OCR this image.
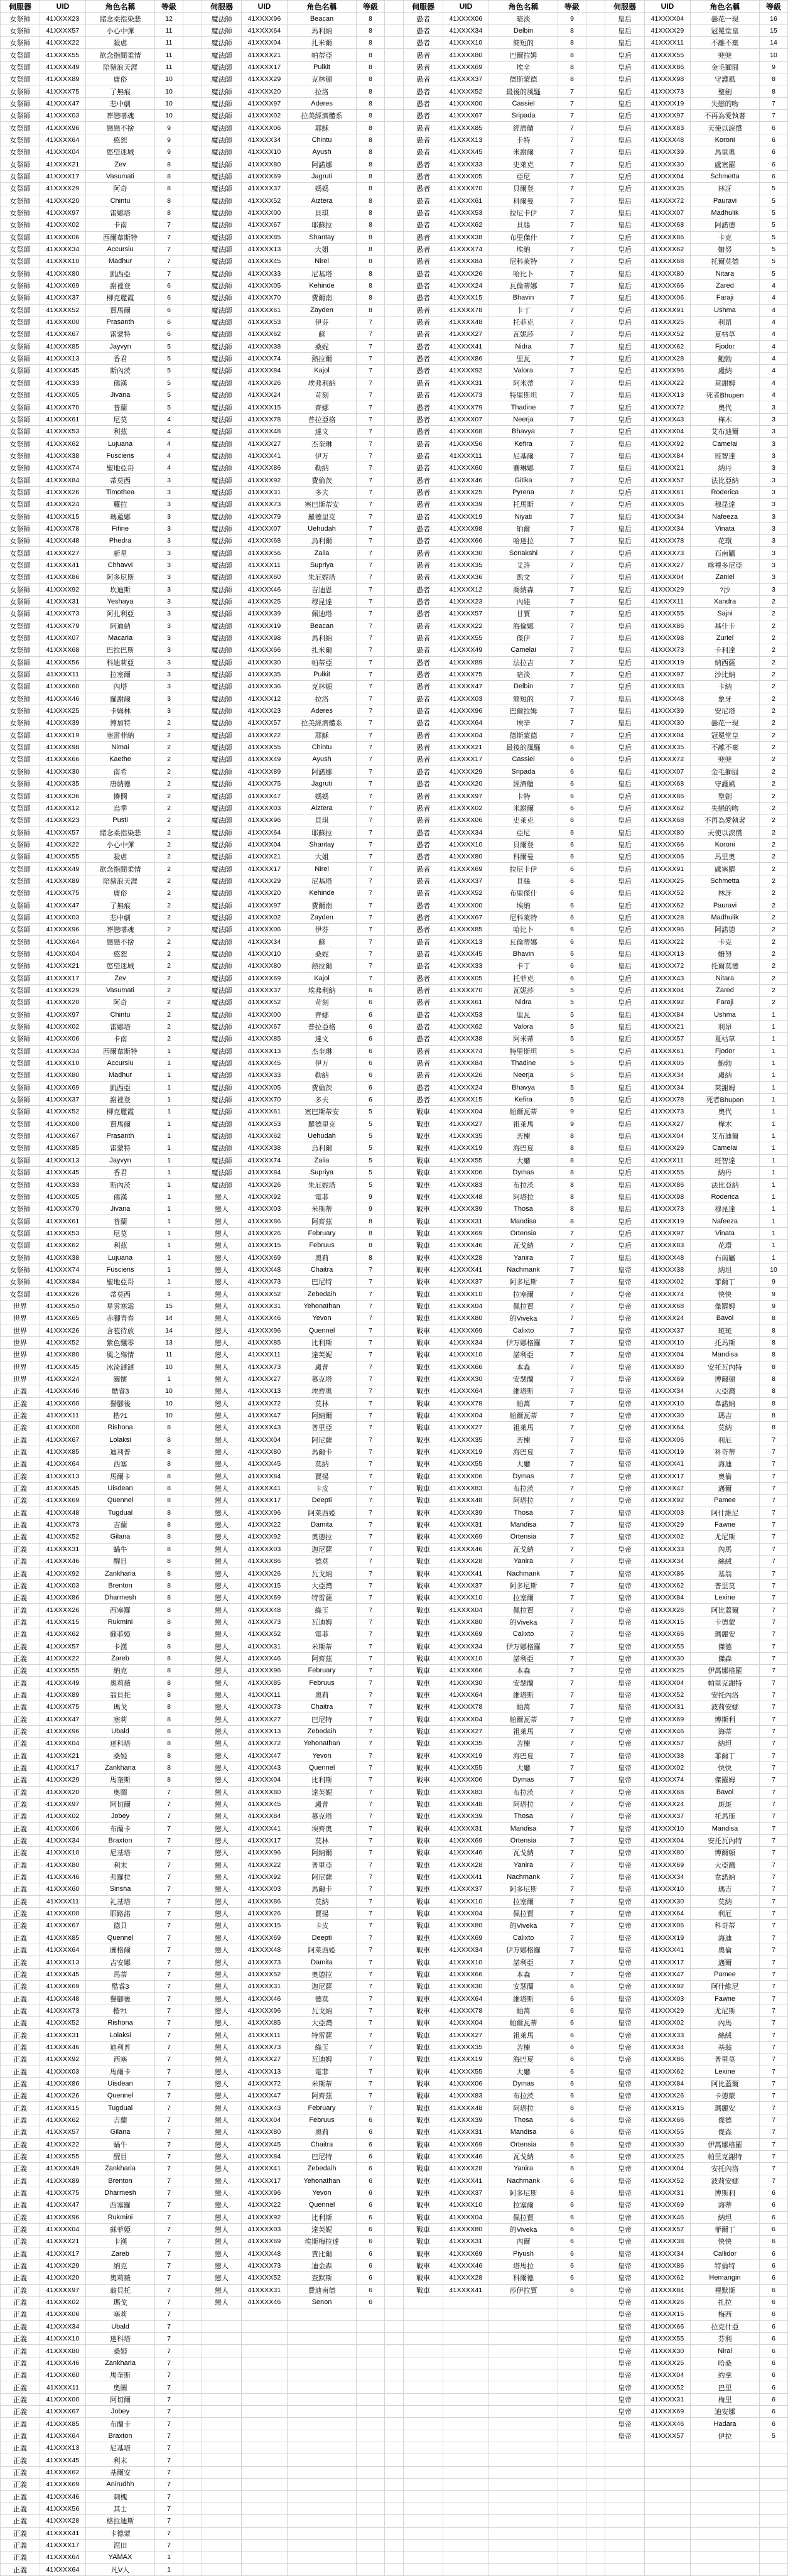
伺服器	UID	角色名稱	等級	伺服器	UID	角色名稱	等級	伺服器	UID	角色名稱	等級	伺服器	UID	角色名稱	等級
女祭師	41XXXX23	緒念柔指染悲	12	魔法師	41XXXX96	Beacan	8	愚者	41XXXX06	暗淡	9	皇后	41XXXX04	曇花一現	16
女祭師	41XXXX57	小心中彈	11	魔法師	41XXXX64	馬利納	8	愚者	41XXXX34	Delbin	8	皇后	41XXXX29	冠冕堂皇	15
女祭師	41XXXX22	殺虐	11	魔法師	41XXXX04	扎米爾	8	愚者	41XXXX10	簡短的	8	皇后	41XXXX11	不離不棄	14
女祭師	41XXXX55	欲念指間柔情	11	魔法師	41XXXX21	帕蒂亞	8	愚者	41XXXX80	巴爾拉姆	8	皇后	41XXXX55	兜兜	10
女祭師	41XXXX49	陪豬浪天涯	11	魔法師	41XXXX17	Pulkit	8	愚者	41XXXX69	埃辛	8	皇后	41XXXX86	金毛獅囧	9
女祭師	41XXXX89	庸俗	10	魔法師	41XXXX29	克林頓	8	愚者	41XXXX37	德斯蒙德	8	皇后	41XXXX98	守護風	8
女祭師	41XXXX75	了無痕	10	魔法師	41XXXX20	拉洛	8	愚者	41XXXX52	最後的風騷	7	皇后	41XXXX73	聖劍	8
女祭師	41XXXX47	悲中劇	10	魔法師	41XXXX97	Aderes	8	愚者	41XXXX00	Cassiel	7	皇后	41XXXX19	失戀的吻	7
女祭師	41XXXX03	葬戀嗜魂	10	魔法師	41XXXX02	拉美經濟體系	8	愚者	41XXXX67	Sripada	7	皇后	41XXXX97	不再為愛執著	7
女祭師	41XXXX96	戀戀不捨	9	魔法師	41XXXX06	耶穌	8	愚者	41XXXX85	經濟艙	7	皇后	41XXXX83	天使以淚償	6
女祭師	41XXXX64	憨恕	9	魔法師	41XXXX34	Chintu	8	愚者	41XXXX13	卡特	7	皇后	41XXXX48	Koroni	6
女祭師	41XXXX04	慾望迷城	9	魔法師	41XXXX10	Ayush	8	愚者	41XXXX45	米謝爾	7	皇后	41XXXX39	馬里奧	6
女祭師	41XXXX21	Zev	8	魔法師	41XXXX80	阿諾娜	8	愚者	41XXXX33	史萊克	7	皇后	41XXXX30	盧塞羅	6
女祭師	41XXXX17	Vasumati	8	魔法師	41XXXX69	Jagruti	8	愚者	41XXXX05	亞尼	7	皇后	41XXXX04	Schmetta	6
女祭師	41XXXX29	阿奇	8	魔法師	41XXXX37	媽媽	8	愚者	41XXXX70	貝爾登	7	皇后	41XXXX35	林冴	5
女祭師	41XXXX20	Chintu	8	魔法師	41XXXX52	Aiztera	8	愚者	41XXXX61	科爾曼	7	皇后	41XXXX72	Pauravi	5
女祭師	41XXXX97	雷娜塔	8	魔法師	41XXXX00	貝琪	8	愚者	41XXXX53	拉尼卡伊	7	皇后	41XXXX07	Madhulik	5
女祭師	41XXXX02	卡南	7	魔法師	41XXXX67	耶蘇拉	8	愚者	41XXXX62	貝絲	7	皇后	41XXXX68	阿諾德	5
女祭師	41XXXX06	西爾韋斯特	7	魔法師	41XXXX85	Shantay	8	愚者	41XXXX38	布里傑什	7	皇后	41XXXX86	卡克	5
女祭師	41XXXX34	Accursiu	7	魔法師	41XXXX13	大姐	8	愚者	41XXXX74	埃納	7	皇后	41XXXX62	姍努	5
女祭師	41XXXX10	Madhur	7	魔法師	41XXXX45	Nirel	8	愚者	41XXXX84	尼科萊特	7	皇后	41XXXX68	托爾莫德	5
女祭師	41XXXX80	凱西亞	7	魔法師	41XXXX33	尼基塔	8	愚者	41XXXX26	哈比卜	7	皇后	41XXXX80	Nitara	5
女祭師	41XXXX69	謝裡登	6	魔法師	41XXXX05	Kehinde	8	愚者	41XXXX24	瓦倫蒂娜	7	皇后	41XXXX66	Zared	4
女祭師	41XXXX37	柳克麗霞	6	魔法師	41XXXX70	費爾南	8	愚者	41XXXX15	Bhavin	7	皇后	41XXXX06	Faraji	4
女祭師	41XXXX52	賈馬爾	6	魔法師	41XXXX61	Zayden	8	愚者	41XXXX78	卡丁	7	皇后	41XXXX91	Ushma	4
女祭師	41XXXX00	Prasanth	6	魔法師	41XXXX53	伊芬	7	愚者	41XXXX48	托菲克	7	皇后	41XXXX25	利昂	4
女祭師	41XXXX67	雷蒙特	6	魔法師	41XXXX62	蘇	7	愚者	41XXXX27	瓦妮莎	7	皇后	41XXXX52	夏枯草	4
女祭師	41XXXX85	Jayvyn	5	魔法師	41XXXX38	桑妮	7	愚者	41XXXX41	Nidra	7	皇后	41XXXX62	Fjodor	4
女祭師	41XXXX13	香君	5	魔法師	41XXXX74	熱拉爾	7	愚者	41XXXX86	里瓦	7	皇后	41XXXX28	鮑勃	4
女祭師	41XXXX45	斯內茨	5	魔法師	41XXXX84	Kajol	7	愚者	41XXXX92	Valora	7	皇后	41XXXX96	盧納	4
女祭師	41XXXX33	佛漢	5	魔法師	41XXXX26	埃弗利納	7	愚者	41XXXX31	阿米蒂	7	皇后	41XXXX22	萊謝姆	4
女祭師	41XXXX05	Jivana	5	魔法師	41XXXX24	苛刻	7	愚者	41XXXX73	特里斯坦	7	皇后	41XXXX13	死者Bhupen	4
女祭師	41XXXX70	普蘭	5	魔法師	41XXXX15	齊娜	7	愚者	41XXXX79	Thadine	7	皇后	41XXXX72	奧代	3
女祭師	41XXXX61	尼莫	4	魔法師	41XXXX78	普拉亞格	7	愚者	41XXXX07	Neerja	7	皇后	41XXXX43	樺木	3
女祭師	41XXXX53	利茲	4	魔法師	41XXXX48	達文	7	愚者	41XXXX68	Bhavya	7	皇后	41XXXX04	艾布迪爾	3
女祭師	41XXXX62	Lujuana	4	魔法師	41XXXX27	杰奎琳	7	愚者	41XXXX56	Kefira	7	皇后	41XXXX92	Camelai	3
女祭師	41XXXX38	Fusciens	4	魔法師	41XXXX41	伊万	7	愚者	41XXXX11	尼基爾	7	皇后	41XXXX84	班智達	3
女祭師	41XXXX74	聖地亞哥	4	魔法師	41XXXX86	勒納	7	愚者	41XXXX60	賽琳娜	7	皇后	41XXXX21	納丹	3
女祭師	41XXXX84	蒂莫西	3	魔法師	41XXXX92	費倫茨	7	愚者	41XXXX46	Gitika	7	皇后	41XXXX57	法比亞納	3
女祭師	41XXXX26	Timothea	3	魔法師	41XXXX31	多夫	7	愚者	41XXXX25	Pyrena	7	皇后	41XXXX61	Roderica	3
女祭師	41XXXX24	蘿拉	3	魔法師	41XXXX73	塞巴斯蒂安	7	愚者	41XXXX39	托馬斯	7	皇后	41XXXX05	穆昆達	3
女祭師	41XXXX15	瑪蓮娜	3	魔法師	41XXXX79	羅德里克	7	愚者	41XXXX19	Niyati	7	皇后	41XXXX34	Nafeeza	3
女祭師	41XXXX78	Fifine	3	魔法師	41XXXX07	Uehudah	7	愚者	41XXXX98	珀爾	7	皇后	41XXXX34	Vinata	3
女祭師	41XXXX48	Phedra	3	魔法師	41XXXX68	烏利爾	7	愚者	41XXXX66	哈達拉	7	皇后	41XXXX78	花環	3
女祭師	41XXXX27	新星	3	魔法師	41XXXX56	Zalia	7	愚者	41XXXX30	Sonakshi	7	皇后	41XXXX73	石南屬	3
女祭師	41XXXX41	Chhavvi	3	魔法師	41XXXX11	Supriya	7	愚者	41XXXX35	艾許	7	皇后	41XXXX27	喀裡多尼亞	3
女祭師	41XXXX86	阿多尼斯	3	魔法師	41XXXX60	朱厄妮塔	7	愚者	41XXXX36	凱文	7	皇后	41XXXX04	Zaniel	3
女祭師	41XXXX92	坎迪斯	3	魔法師	41XXXX46	吉迪恩	7	愚者	41XXXX12	喬納森	7	皇后	41XXXX29	?沙	3
女祭師	41XXXX31	Yeshaya	3	魔法師	41XXXX25	穆昆達	7	愚者	41XXXX23	內娃	7	皇后	41XXXX11	Xandra	2
女祭師	41XXXX73	阿扎利亞	3	魔法師	41XXXX39	佩迪塔	7	愚者	41XXXX57	甘賈	7	皇后	41XXXX55	Sajni	2
女祭師	41XXXX79	阿迪納	3	魔法師	41XXXX19	Beacan	7	愚者	41XXXX22	海倫娜	7	皇后	41XXXX86	基什卡	2
女祭師	41XXXX07	Macaria	3	魔法師	41XXXX98	馬利納	7	愚者	41XXXX55	傑伊	7	皇后	41XXXX98	Zuriel	2
女祭師	41XXXX68	巴拉巴斯	3	魔法師	41XXXX66	扎米爾	7	愚者	41XXXX49	Camelai	7	皇后	41XXXX73	卡利達	2
女祭師	41XXXX56	科迪莉亞	3	魔法師	41XXXX30	帕蒂亞	7	愚者	41XXXX89	法拉吉	7	皇后	41XXXX19	納西薩	2
女祭師	41XXXX11	拉塞爾	3	魔法師	41XXXX35	Pulkit	7	愚者	41XXXX75	暗淡	7	皇后	41XXXX97	沙比納	2
女祭師	41XXXX60	內塔	3	魔法師	41XXXX36	克林頓	7	愚者	41XXXX47	Delbin	7	皇后	41XXXX83	卡納	2
女祭師	41XXXX46	羅謝爾	3	魔法師	41XXXX12	拉洛	7	愚者	41XXXX03	簡短的	7	皇后	41XXXX48	象牙	2
女祭師	41XXXX25	卡姆林	3	魔法師	41XXXX23	Aderes	7	愚者	41XXXX96	巴爾拉姆	7	皇后	41XXXX39	安尼塔	2
女祭師	41XXXX39	博加特	2	魔法師	41XXXX57	拉美經濟體系	7	愚者	41XXXX64	埃辛	7	皇后	41XXXX30	曇花一現	2
女祭師	41XXXX19	塞雷菲納	2	魔法師	41XXXX22	耶穌	7	愚者	41XXXX04	德斯蒙德	7	皇后	41XXXX04	冠冕堂皇	2
女祭師	41XXXX98	Nimai	2	魔法師	41XXXX55	Chintu	7	愚者	41XXXX21	最後的風騷	6	皇后	41XXXX35	不離不棄	2
女祭師	41XXXX66	Kaethe	2	魔法師	41XXXX49	Ayush	7	愚者	41XXXX17	Cassiel	6	皇后	41XXXX72	兜兜	2
女祭師	41XXXX30	南希	2	魔法師	41XXXX89	阿諾娜	7	愚者	41XXXX29	Sripada	6	皇后	41XXXX07	金毛獅囧	2
女祭師	41XXXX35	唐納德	2	魔法師	41XXXX75	Jagruti	7	愚者	41XXXX20	經濟艙	6	皇后	41XXXX68	守護風	2
女祭師	41XXXX36	憐憫	2	魔法師	41XXXX47	媽媽	7	愚者	41XXXX97	卡特	6	皇后	41XXXX86	聖劍	2
女祭師	41XXXX12	烏季	2	魔法師	41XXXX03	Aiztera	7	愚者	41XXXX02	米謝爾	6	皇后	41XXXX62	失戀的吻	2
女祭師	41XXXX23	Pusti	2	魔法師	41XXXX96	貝琪	7	愚者	41XXXX06	史萊克	6	皇后	41XXXX68	不再為愛執著	2
女祭師	41XXXX57	緒念柔指染悲	2	魔法師	41XXXX64	耶蘇拉	7	愚者	41XXXX34	亞尼	6	皇后	41XXXX80	天使以淚償	2
女祭師	41XXXX22	小心中彈	2	魔法師	41XXXX04	Shantay	7	愚者	41XXXX10	貝爾登	6	皇后	41XXXX66	Koroni	2
女祭師	41XXXX55	殺虐	2	魔法師	41XXXX21	大姐	7	愚者	41XXXX80	科爾曼	6	皇后	41XXXX06	馬里奧	2
女祭師	41XXXX49	欲念指間柔情	2	魔法師	41XXXX17	Nirel	7	愚者	41XXXX69	拉尼卡伊	6	皇后	41XXXX91	盧塞羅	2
女祭師	41XXXX89	陪豬浪天涯	2	魔法師	41XXXX29	尼基塔	7	愚者	41XXXX37	貝絲	6	皇后	41XXXX25	Schmetta	2
女祭師	41XXXX75	庸俗	2	魔法師	41XXXX20	Kehinde	7	愚者	41XXXX52	布里傑什	6	皇后	41XXXX52	林冴	2
女祭師	41XXXX47	了無痕	2	魔法師	41XXXX97	費爾南	7	愚者	41XXXX00	埃納	6	皇后	41XXXX62	Pauravi	2
女祭師	41XXXX03	悲中劇	2	魔法師	41XXXX02	Zayden	7	愚者	41XXXX67	尼科萊特	6	皇后	41XXXX28	Madhulik	2
女祭師	41XXXX96	葬戀嗜魂	2	魔法師	41XXXX06	伊芬	7	愚者	41XXXX85	哈比卜	6	皇后	41XXXX96	阿諾德	2
女祭師	41XXXX64	戀戀不捨	2	魔法師	41XXXX34	蘇	7	愚者	41XXXX13	瓦倫蒂娜	6	皇后	41XXXX22	卡克	2
女祭師	41XXXX04	憨恕	2	魔法師	41XXXX10	桑妮	7	愚者	41XXXX45	Bhavin	6	皇后	41XXXX13	姍努	2
女祭師	41XXXX21	慾望迷城	2	魔法師	41XXXX80	熱拉爾	7	愚者	41XXXX33	卡丁	6	皇后	41XXXX72	托爾莫德	2
女祭師	41XXXX17	Zev	2	魔法師	41XXXX69	Kajol	7	愚者	41XXXX05	托菲克	6	皇后	41XXXX43	Nitara	2
女祭師	41XXXX29	Vasumati	2	魔法師	41XXXX37	埃弗利納	6	愚者	41XXXX70	瓦妮莎	5	皇后	41XXXX04	Zared	2
女祭師	41XXXX20	阿奇	2	魔法師	41XXXX52	苛刻	6	愚者	41XXXX61	Nidra	5	皇后	41XXXX92	Faraji	2
女祭師	41XXXX97	Chintu	2	魔法師	41XXXX00	齊娜	6	愚者	41XXXX53	里瓦	5	皇后	41XXXX84	Ushma	1
女祭師	41XXXX02	雷娜塔	2	魔法師	41XXXX67	普拉亞格	6	愚者	41XXXX62	Valora	5	皇后	41XXXX21	利昂	1
女祭師	41XXXX06	卡南	2	魔法師	41XXXX85	達文	6	愚者	41XXXX38	阿米蒂	5	皇后	41XXXX57	夏枯草	1
女祭師	41XXXX34	西爾韋斯特	1	魔法師	41XXXX13	杰奎琳	6	愚者	41XXXX74	特里斯坦	5	皇后	41XXXX61	Fjodor	1
女祭師	41XXXX10	Accursiu	1	魔法師	41XXXX45	伊万	6	愚者	41XXXX84	Thadine	5	皇后	41XXXX05	鮑勃	1
女祭師	41XXXX80	Madhur	1	魔法師	41XXXX33	勒納	6	愚者	41XXXX26	Neerja	5	皇后	41XXXX34	盧納	1
女祭師	41XXXX69	凱西亞	1	魔法師	41XXXX05	費倫茨	6	愚者	41XXXX24	Bhavya	5	皇后	41XXXX34	萊謝姆	1
女祭師	41XXXX37	謝裡登	1	魔法師	41XXXX70	多夫	6	愚者	41XXXX15	Kefira	5	皇后	41XXXX78	死者Bhupen	1
女祭師	41XXXX52	柳克麗霞	1	魔法師	41XXXX61	塞巴斯蒂安	5	戰車	41XXXX04	帕爾瓦蒂	9	皇后	41XXXX73	奧代	1
女祭師	41XXXX00	賈馬爾	1	魔法師	41XXXX53	羅德里克	5	戰車	41XXXX27	祖萊馬	9	皇后	41XXXX27	樺木	1
女祭師	41XXXX67	Prasanth	1	魔法師	41XXXX62	Uehudah	5	戰車	41XXXX35	苦楝	8	皇后	41XXXX04	艾布迪爾	1
女祭師	41XXXX85	雷蒙特	1	魔法師	41XXXX38	烏利爾	5	戰車	41XXXX19	海巴夏	8	皇后	41XXXX29	Camelai	1
女祭師	41XXXX13	Jayvyn	1	魔法師	41XXXX74	Zalia	5	戰車	41XXXX55	大廳	8	皇后	41XXXX11	班智達	1
女祭師	41XXXX45	香君	1	魔法師	41XXXX84	Supriya	5	戰車	41XXXX06	Dymas	8	皇后	41XXXX55	納丹	1
女祭師	41XXXX33	斯內茨	1	魔法師	41XXXX26	朱厄妮塔	5	戰車	41XXXX83	布拉茨	8	皇后	41XXXX86	法比亞納	1
女祭師	41XXXX05	佛漢	1	戀人	41XXXX92	電菲	9	戰車	41XXXX48	阿塔拉	8	皇后	41XXXX98	Roderica	1
女祭師	41XXXX70	Jivana	1	戀人	41XXXX03	米斯蒂	9	戰車	41XXXX39	Thosa	8	皇后	41XXXX73	穆昆達	1
女祭師	41XXXX61	普蘭	1	戀人	41XXXX86	阿齊茲	8	戰車	41XXXX31	Mandisa	8	皇后	41XXXX19	Nafeeza	1
女祭師	41XXXX53	尼莫	1	戀人	41XXXX26	February	8	戰車	41XXXX69	Ortensia	7	皇后	41XXXX97	Vinata	1
女祭師	41XXXX62	利茲	1	戀人	41XXXX15	Februus	8	戰車	41XXXX46	瓦戈納	7	皇后	41XXXX83	花環	1
女祭師	41XXXX38	Lujuana	1	戀人	41XXXX69	奧莉	8	戰車	41XXXX28	Yanira	7	皇后	41XXXX48	石南屬	1
女祭師	41XXXX74	Fusciens	1	戀人	41XXXX48	Chaitra	7	戰車	41XXXX41	Nachmank	7	皇帝	41XXXX38	納坦	10
女祭師	41XXXX84	聖地亞哥	1	戀人	41XXXX73	巴尼特	7	戰車	41XXXX37	阿多尼斯	7	皇帝	41XXXX02	菲爾丁	9
女祭師	41XXXX26	蒂莫西	1	戀人	41XXXX52	Zebedaih	7	戰車	41XXXX10	拉塞爾	7	皇帝	41XXXX74	快快	9
世界	41XXXX54	星雲寒霜	15	戀人	41XXXX31	Yehonathan	7	戰車	41XXXX04	佩拉賈	7	皇帝	41XXXX68	傑羅姆	9
世界	41XXXX65	赤腳青春	14	戀人	41XXXX46	Yevon	7	戰車	41XXXX80	的Viveka	7	皇帝	41XXXX24	Bavol	8
世界	41XXXX26	含苞待放	14	戀人	41XXXX96	Quennel	7	戰車	41XXXX69	Calixto	7	皇帝	41XXXX37	斑斑	8
世界	41XXXX52	紫色飄零	13	戀人	41XXXX85	比利斯	7	戰車	41XXXX34	伊万娜格羅	7	皇帝	41XXXX10	托馬斯	8
世界	41XXXX80	風之殤情	11	戀人	41XXXX11	達芙妮	7	戰車	41XXXX10	諾利亞	7	皇帝	41XXXX04	Mandisa	8
世界	41XXXX45	冰渏漣漣	10	戀人	41XXXX73	盧普	7	戰車	41XXXX66	本森	7	皇帝	41XXXX80	安托瓦內特	8
世界	41XXXX24	關懷	1	戀人	41XXXX27	慕克塔	7	戰車	41XXXX30	安瑟蘭	7	皇帝	41XXXX69	博爾頓	8
正義	41XXXX46	酷睿3	10	戀人	41XXXX13	埃齊奧	7	戰車	41XXXX64	維塔斯	7	皇帝	41XXXX34	大亞灣	8
正義	41XXXX60	譽腳後	10	戀人	41XXXX72	莫林	7	戰車	41XXXX78	帕萬	7	皇帝	41XXXX10	韋諾納	8
正義	41XXXX11	楷?1	10	戀人	41XXXX47	阿納爾	7	戰車	41XXXX04	帕爾瓦蒂	7	皇帝	41XXXX30	瑪吉	8
正義	41XXXX00	Rishona	8	戀人	41XXXX43	普里亞	7	戰車	41XXXX27	祖萊馬	7	皇帝	41XXXX64	莫納	8
正義	41XXXX67	Lolaksi	8	戀人	41XXXX04	阿尼薩	7	戰車	41XXXX35	苦楝	7	皇帝	41XXXX06	利厄	7
正義	41XXXX85	迪利普	8	戀人	41XXXX80	馬爾卡	7	戰車	41XXXX19	海巴夏	7	皇帝	41XXXX19	科奇蒂	7
正義	41XXXX64	西塞	8	戀人	41XXXX45	莫納	7	戰車	41XXXX55	大廳	7	皇帝	41XXXX41	海迪	7
正義	41XXXX13	馬爾卡	8	戀人	41XXXX84	賈揚	7	戰車	41XXXX06	Dymas	7	皇帝	41XXXX17	奧倫	7
正義	41XXXX45	Uisdean	8	戀人	41XXXX41	卡皮	7	戰車	41XXXX83	布拉茨	7	皇帝	41XXXX47	邁爾	7
正義	41XXXX69	Quennel	8	戀人	41XXXX17	Deepti	7	戰車	41XXXX48	阿塔拉	7	皇帝	41XXXX92	Pamee	7
正義	41XXXX48	Tugdual	8	戀人	41XXXX96	阿萊西婭	7	戰車	41XXXX39	Thosa	7	皇帝	41XXXX03	阿什維尼	7
正義	41XXXX73	吉蘭	8	戀人	41XXXX22	Damita	7	戰車	41XXXX31	Mandisa	7	皇帝	41XXXX29	Fawne	7
正義	41XXXX52	Gilana	8	戀人	41XXXX92	奧德拉	7	戰車	41XXXX69	Ortensia	7	皇帝	41XXXX02	尤尼斯	7
正義	41XXXX31	蝸牛	8	戀人	41XXXX03	迦尼薩	7	戰車	41XXXX46	瓦戈納	7	皇帝	41XXXX33	內馬	7
正義	41XXXX46	醒目	8	戀人	41XXXX86	德莫	7	戰車	41XXXX28	Yanira	7	皇帝	41XXXX34	絲絨	7
正義	41XXXX92	Zankharia	8	戀人	41XXXX26	瓦戈納	7	戰車	41XXXX41	Nachmank	7	皇帝	41XXXX86	基翁	7
正義	41XXXX03	Brenton	8	戀人	41XXXX15	大亞灣	7	戰車	41XXXX37	阿多尼斯	7	皇帝	41XXXX62	普里莫	7
正義	41XXXX86	Dharmesh	8	戀人	41XXXX69	特雷薩	7	戰車	41XXXX10	拉塞爾	7	皇帝	41XXXX84	Lexine	7
正義	41XXXX26	西塞羅	8	戀人	41XXXX48	綠玉	7	戰車	41XXXX04	佩拉賈	7	皇帝	41XXXX26	阿比蓋爾	7
正義	41XXXX15	Rukmini	8	戀人	41XXXX73	瓦迪姆	7	戰車	41XXXX80	的Viveka	7	皇帝	41XXXX15	卡德蒙	7
正義	41XXXX62	蘇菲婭	8	戀人	41XXXX52	電菲	7	戰車	41XXXX69	Calixto	7	皇帝	41XXXX66	瑪麗安	7
正義	41XXXX57	卡漢	8	戀人	41XXXX31	米斯蒂	7	戰車	41XXXX34	伊万娜格羅	7	皇帝	41XXXX55	傑德	7
正義	41XXXX22	Zareb	8	戀人	41XXXX46	阿齊茲	7	戰車	41XXXX10	諾利亞	7	皇帝	41XXXX30	傑森	7
正義	41XXXX55	納克	8	戀人	41XXXX96	February	7	戰車	41XXXX66	本森	7	皇帝	41XXXX25	伊萬娜格羅	7
正義	41XXXX49	奧莉薇	8	戀人	41XXXX85	Februus	7	戰車	41XXXX30	安瑟蘭	7	皇帝	41XXXX04	帕里克謝特	7
正義	41XXXX89	翁貝托	8	戀人	41XXXX11	奧莉	7	戰車	41XXXX64	維塔斯	7	皇帝	41XXXX52	安托內洛	7
正義	41XXXX75	瑪戈	8	戀人	41XXXX73	Chaitra	7	戰車	41XXXX78	帕萬	7	皇帝	41XXXX31	波莉安娜	7
正義	41XXXX47	塞莉	8	戀人	41XXXX27	巴尼特	7	戰車	41XXXX04	帕爾瓦蒂	7	皇帝	41XXXX69	博斯利	7
正義	41XXXX96	Ubald	8	戀人	41XXXX13	Zebedaih	7	戰車	41XXXX27	祖萊馬	7	皇帝	41XXXX46	海蒂	7
正義	41XXXX04	達科塔	8	戀人	41XXXX72	Yehonathan	7	戰車	41XXXX35	苦楝	7	皇帝	41XXXX57	納坦	7
正義	41XXXX21	桑婭	8	戀人	41XXXX47	Yevon	7	戰車	41XXXX19	海巴夏	7	皇帝	41XXXX38	菲爾丁	7
正義	41XXXX17	Zankharia	8	戀人	41XXXX43	Quennel	7	戰車	41XXXX55	大廳	7	皇帝	41XXXX02	快快	7
正義	41XXXX29	馬奎斯	8	戀人	41XXXX04	比利斯	7	戰車	41XXXX06	Dymas	7	皇帝	41XXXX74	傑羅姆	7
正義	41XXXX20	奧圖	7	戀人	41XXXX80	達芙妮	7	戰車	41XXXX83	布拉茨	7	皇帝	41XXXX68	Bavol	7
正義	41XXXX97	阿切爾	7	戀人	41XXXX45	盧普	7	戰車	41XXXX48	阿塔拉	7	皇帝	41XXXX24	斑斑	7
正義	41XXXX02	Jobey	7	戀人	41XXXX84	慕克塔	7	戰車	41XXXX39	Thosa	7	皇帝	41XXXX37	托馬斯	7
正義	41XXXX06	布蘭卡	7	戀人	41XXXX41	埃齊奧	7	戰車	41XXXX31	Mandisa	7	皇帝	41XXXX10	Mandisa	7
正義	41XXXX34	Braxton	7	戀人	41XXXX17	莫林	7	戰車	41XXXX69	Ortensia	7	皇帝	41XXXX04	安托瓦內特	7
正義	41XXXX10	尼基塔	7	戀人	41XXXX96	阿納爾	7	戰車	41XXXX46	瓦戈納	7	皇帝	41XXXX80	博爾頓	7
正義	41XXXX80	利末	7	戀人	41XXXX22	普里亞	7	戰車	41XXXX28	Yanira	7	皇帝	41XXXX69	大亞灣	7
正義	41XXXX46	弗羅拉	7	戀人	41XXXX92	阿尼薩	7	戰車	41XXXX41	Nachmank	7	皇帝	41XXXX34	韋諾納	7
正義	41XXXX60	Sinsha	7	戀人	41XXXX03	馬爾卡	7	戰車	41XXXX37	阿多尼斯	7	皇帝	41XXXX10	瑪吉	7
正義	41XXXX11	礼基塔	7	戀人	41XXXX86	莫納	7	戰車	41XXXX10	拉塞爾	7	皇帝	41XXXX30	莫納	7
正義	41XXXX00	耶路諾	7	戀人	41XXXX26	賈揚	7	戰車	41XXXX04	佩拉賈	7	皇帝	41XXXX64	利厄	7
正義	41XXXX67	德貝	7	戀人	41XXXX15	卡皮	7	戰車	41XXXX80	的Viveka	7	皇帝	41XXXX06	科奇蒂	7
正義	41XXXX85	Quennel	7	戀人	41XXXX69	Deepti	7	戰車	41XXXX69	Calixto	7	皇帝	41XXXX19	海迪	7
正義	41XXXX64	圖格爾	7	戀人	41XXXX48	阿萊西婭	7	戰車	41XXXX34	伊万娜格羅	7	皇帝	41XXXX41	奧倫	7
正義	41XXXX13	吉安娜	7	戀人	41XXXX73	Damita	7	戰車	41XXXX10	諾利亞	7	皇帝	41XXXX17	邁爾	7
正義	41XXXX45	馬蒂	7	戀人	41XXXX52	奧德拉	7	戰車	41XXXX66	本森	7	皇帝	41XXXX47	Pamee	7
正義	41XXXX69	酷睿3	7	戀人	41XXXX31	迦尼薩	7	戰車	41XXXX30	安瑟蘭	6	皇帝	41XXXX92	阿什維尼	7
正義	41XXXX48	譽腳後	7	戀人	41XXXX46	德莫	7	戰車	41XXXX64	維塔斯	6	皇帝	41XXXX03	Fawne	7
正義	41XXXX73	楷?1	7	戀人	41XXXX96	瓦戈納	7	戰車	41XXXX78	帕萬	6	皇帝	41XXXX29	尤尼斯	7
正義	41XXXX52	Rishona	7	戀人	41XXXX85	大亞灣	7	戰車	41XXXX04	帕爾瓦蒂	6	皇帝	41XXXX02	內馬	7
正義	41XXXX31	Lolaksi	7	戀人	41XXXX11	特雷薩	7	戰車	41XXXX27	祖萊馬	6	皇帝	41XXXX33	絲絨	7
正義	41XXXX46	迪利普	7	戀人	41XXXX73	綠玉	7	戰車	41XXXX35	苦楝	6	皇帝	41XXXX34	基翁	7
正義	41XXXX92	西塞	7	戀人	41XXXX27	瓦迪姆	7	戰車	41XXXX19	海巴夏	6	皇帝	41XXXX86	普里莫	7
正義	41XXXX03	馬爾卡	7	戀人	41XXXX13	電菲	7	戰車	41XXXX55	大廳	6	皇帝	41XXXX62	Lexine	7
正義	41XXXX86	Uisdean	7	戀人	41XXXX72	米斯蒂	7	戰車	41XXXX06	Dymas	6	皇帝	41XXXX84	阿比蓋爾	7
正義	41XXXX26	Quennel	7	戀人	41XXXX47	阿齊茲	7	戰車	41XXXX83	布拉茨	6	皇帝	41XXXX26	卡德蒙	7
正義	41XXXX15	Tugdual	7	戀人	41XXXX43	February	7	戰車	41XXXX48	阿塔拉	6	皇帝	41XXXX15	瑪麗安	7
正義	41XXXX62	吉蘭	7	戀人	41XXXX04	Februus	6	戰車	41XXXX39	Thosa	6	皇帝	41XXXX66	傑德	7
正義	41XXXX57	Gilana	7	戀人	41XXXX80	奧莉	6	戰車	41XXXX31	Mandisa	6	皇帝	41XXXX55	傑森	7
正義	41XXXX22	蝸牛	7	戀人	41XXXX45	Chaitra	6	戰車	41XXXX69	Ortensia	6	皇帝	41XXXX30	伊萬娜格羅	7
正義	41XXXX55	醒目	7	戀人	41XXXX84	巴尼特	6	戰車	41XXXX46	瓦戈納	6	皇帝	41XXXX25	帕里克謝特	7
正義	41XXXX49	Zankharia	7	戀人	41XXXX41	Zebedaih	6	戰車	41XXXX28	Yanira	6	皇帝	41XXXX04	安托內洛	7
正義	41XXXX89	Brenton	7	戀人	41XXXX17	Yehonathan	6	戰車	41XXXX41	Nachmank	6	皇帝	41XXXX52	波莉安娜	7
正義	41XXXX75	Dharmesh	7	戀人	41XXXX96	Yevon	6	戰車	41XXXX37	阿多尼斯	6	皇帝	41XXXX31	博斯利	6
正義	41XXXX47	西塞羅	7	戀人	41XXXX22	Quennel	6	戰車	41XXXX10	拉塞爾	6	皇帝	41XXXX69	海蒂	6
正義	41XXXX96	Rukmini	7	戀人	41XXXX92	比利斯	6	戰車	41XXXX04	佩拉賈	6	皇帝	41XXXX46	納坦	6
正義	41XXXX04	蘇菲婭	7	戀人	41XXXX03	達芙妮	6	戰車	41XXXX80	的Viveka	6	皇帝	41XXXX57	菲爾丁	6
正義	41XXXX21	卡漢	7	戀人	41XXXX69	埃斯梅拉達	6	戰車	41XXXX31	內爾	6	皇帝	41XXXX38	快快	6
正義	41XXXX17	Zareb	7	戀人	41XXXX48	賈比爾	6	戰車	41XXXX69	Piyush	6	皇帝	41XXXX34	Callidor	6
正義	41XXXX29	納克	7	戀人	41XXXX73	迪金森	6	戰車	41XXXX46	塔馬拉	6	皇帝	41XXXX86	特倫特	6
正義	41XXXX20	奧莉薇	7	戀人	41XXXX52	查默斯	6	戰車	41XXXX28	科爾德	6	皇帝	41XXXX62	Hemangin	6
正義	41XXXX97	翁貝托	7	戀人	41XXXX31	費迪南德	6	戰車	41XXXX41	莎伊拉賈	6	皇帝	41XXXX84	裡默斯	6
正義	41XXXX02	瑪戈	7	戀人	41XXXX46	Senon	6	皇帝	41XXXX26	扎拉	6
正義	41XXXX06	塞莉	7	皇帝	41XXXX15	梅西	6
正義	41XXXX34	Ubald	7	皇帝	41XXXX66	拉克什亞	6
正義	41XXXX10	達科塔	7	皇帝	41XXXX55	芬利	6
正義	41XXXX80	桑婭	7	皇帝	41XXXX30	Niral	6
正義	41XXXX46	Zankharia	7	皇帝	41XXXX25	哈桑	6
正義	41XXXX60	馬奎斯	7	皇帝	41XXXX04	約拿	6
正義	41XXXX11	奧圖	7	皇帝	41XXXX52	巴里	6
正義	41XXXX00	阿切爾	7	皇帝	41XXXX31	梅里	6
正義	41XXXX67	Jobey	7	皇帝	41XXXX69	迪安娜	6
正義	41XXXX85	布蘭卡	7	皇帝	41XXXX46	Hadara	6
正義	41XXXX64	Braxton	7	皇帝	41XXXX57	伊拉	5
正義	41XXXX13	尼基塔	7
正義	41XXXX45	利末	7
正義	41XXXX62	基爾安	7
正義	41XXXX69	Anirudhh	7
正義	41XXXX46	刺槐	7
正義	41XXXX56	其士	7
正義	41XXXX28	格拉迪斯	7
正義	41XXXX41	卡德蒙	7
正義	41XXXX17	泥田	7
正義	41XXXX64	YAMAX	1
正義	41XXXX64	凡V人	1
